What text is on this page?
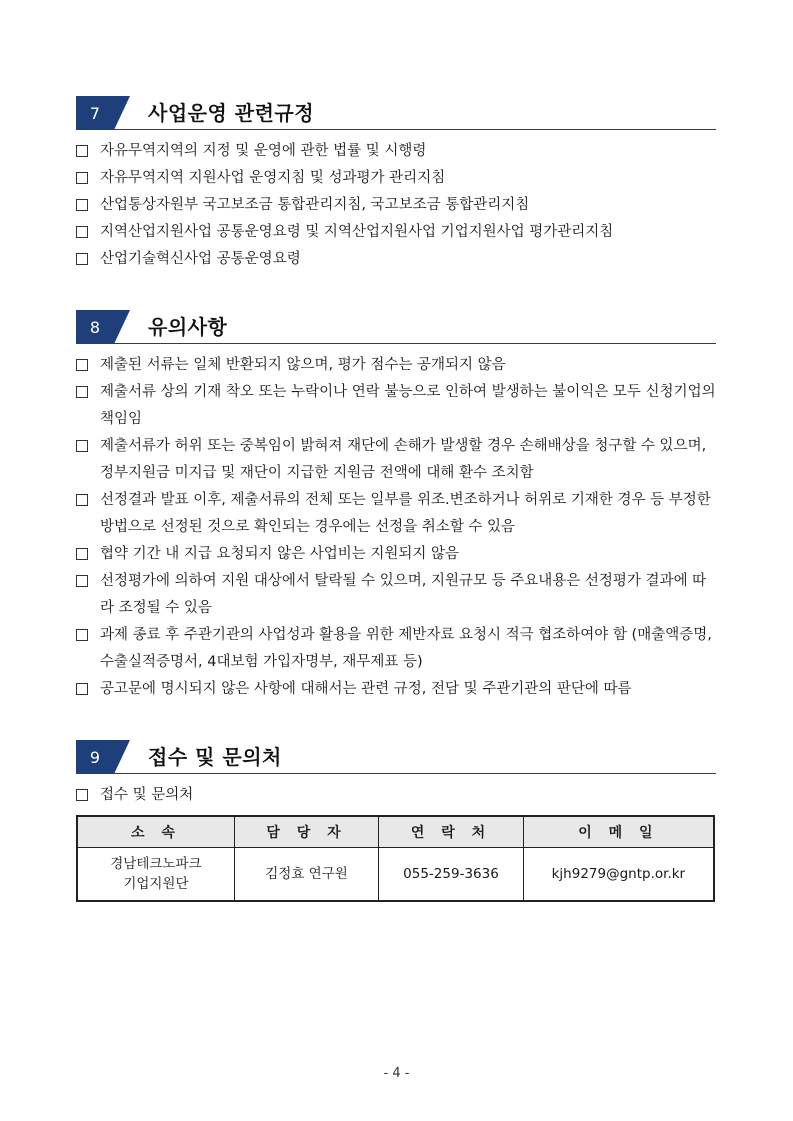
7	사업운영 관련규정
자유무역지역의 지정 및 운영에 관한 법률 및 시행령
자유무역지역 지원사업 운영지침 및 성과평가 관리지침
산업통상자원부 국고보조금 통합관리지침, 국고보조금 통합관리지침
지역산업지원사업 공통운영요령 및 지역산업지원사업 기업지원사업 평가관리지침
산업기술혁신사업 공통운영요령
8	유의사항
제출된 서류는 일체 반환되지 않으며, 평가 점수는 공개되지 않음
제출서류 상의 기재 착오 또는 누락이나 연락 불능으로 인하여 발생하는 불이익은 모두 신청기업의 책임임
제출서류가 허위 또는 중복임이 밝혀져 재단에 손해가 발생할 경우 손해배상을 청구할 수 있으며, 정부지원금 미지급 및 재단이 지급한 지원금 전액에 대해 환수 조치함
선정결과 발표 이후, 제출서류의 전체 또는 일부를 위조.변조하거나 허위로 기재한 경우 등 부정한 방법으로 선정된 것으로 확인되는 경우에는 선정을 취소할 수 있음
협약 기간 내 지급 요청되지 않은 사업비는 지원되지 않음
선정평가에 의하여 지원 대상에서 탈락될 수 있으며, 지원규모 등 주요내용은 선정평가 결과에 따라 조정될 수 있음
과제 종료 후 주관기관의 사업성과 활용을 위한 제반자료 요청시 적극 협조하여야 함 (매출액증명, 수출실적증명서, 4대보험 가입자명부, 재무제표 등)
공고문에 명시되지 않은 사항에 대해서는 관련 규정, 전담 및 주관기관의 판단에 따름
9	접수 및 문의처
접수 및 문의처
소 속	담 당 자	연 락 처	이 메 일

경남테크노파크
기업지원단	김정효 연구원	055-259-3636	kjh9279@gntp.or.kr
- 4 -
